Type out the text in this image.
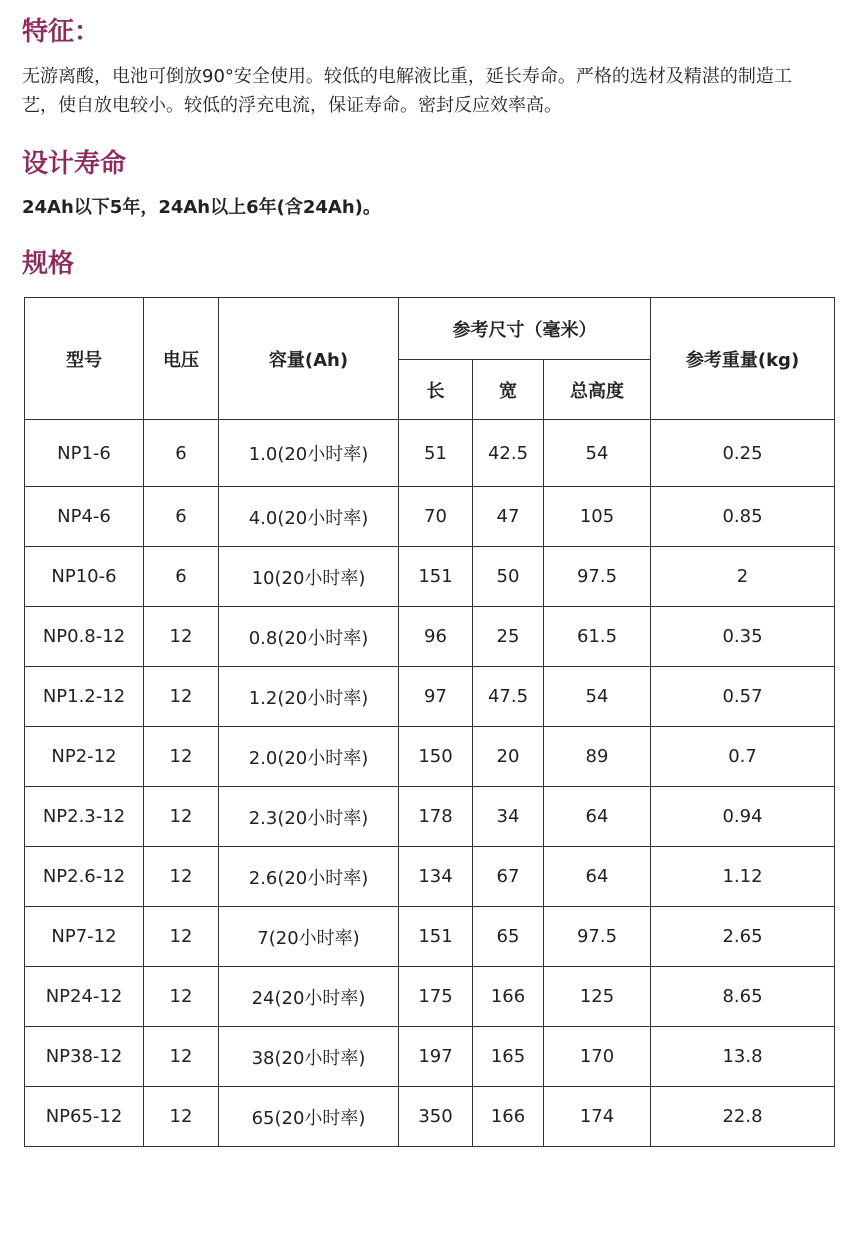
特征：

无游离酸，电池可倒放90°安全使用。较低的电解液比重，延长寿命。严格的选材及精湛的制造工艺，使自放电较小。较低的浮充电流，保证寿命。密封反应效率高。

设计寿命

24Ah以下5年，24Ah以上6年(含24Ah)。

规格
型号	电压	容量(Ah)	参考尺寸（毫米）			参考重量(kg)
			长	宽	总高度	
NP1-6	6	1.0(20小时率)	51	42.5	54	0.25
NP4-6	6	4.0(20小时率)	70	47	105	0.85
NP10-6	6	10(20小时率)	151	50	97.5	2
NP0.8-12	12	0.8(20小时率)	96	25	61.5	0.35
NP1.2-12	12	1.2(20小时率)	97	47.5	54	0.57
NP2-12	12	2.0(20小时率)	150	20	89	0.7
NP2.3-12	12	2.3(20小时率)	178	34	64	0.94
NP2.6-12	12	2.6(20小时率)	134	67	64	1.12
NP7-12	12	7(20小时率)	151	65	97.5	2.65
NP24-12	12	24(20小时率)	175	166	125	8.65
NP38-12	12	38(20小时率)	197	165	170	13.8
NP65-12	12	65(20小时率)	350	166	174	22.8
